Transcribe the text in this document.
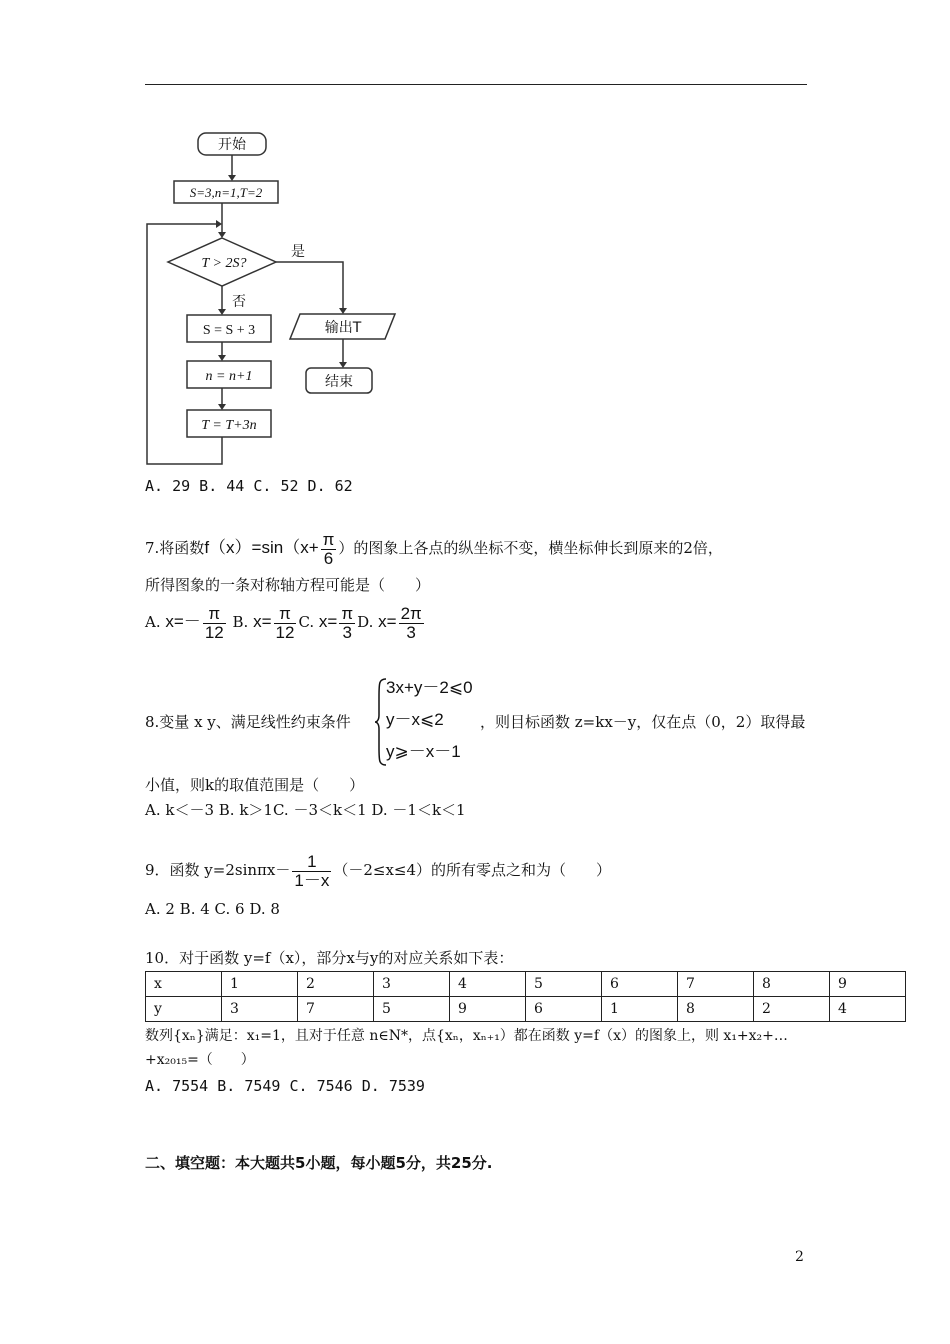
开始
S=3,n=1,T=2
T > 2S?
是
否
S = S + 3
n = n+1
T = T+3n
输出T
结束
A. 29 B. 44 C. 52 D. 62
7.将函数$f(x)=\sin(x+ \frac{\pi}{6}$ ）的图象上各点的纵坐标不变，横坐标伸长到原来的2倍，
所得图象的一条对称轴方程可能是（　　）
A. $x=- \frac{\pi}{12} B$. $x= \frac{\pi}{12} C$. $x= \frac{\pi}{3} D$. $x= \frac{2\pi}{3}$
8.变量 x y、满足线性约束条件
3x+y－2⩽0
y－x⩽2
y⩾－x－1
，则目标函数 z=kx－y，仅在点（0，2）取得最
小值，则k的取值范围是（　　）
A. k＜－3 B. k＞1C. －3＜k＜1 D. －1＜k＜1
9．函数 $y=2\sin\pi x- \frac{1}{1-x} (-2\le x\le 4)$的所有零点之和为（　　）
A. 2 B. 4 C. 6 D. 8
10．对于函数 y=f（x），部分x与y的对应关系如下表：
x	1	2	3	4	5	6	7	8	9
y	3	7	5	9	6	1	8	2	4
数列{xₙ}满足：x₁=1，且对于任意 n∈N*，点{xₙ，xₙ₊₁）都在函数 y=f（x）的图象上，则 x₁+x₂+…
+x₂₀₁₅=（　　）
A. 7554 B. 7549 C. 7546 D. 7539
二、填空题：本大题共5小题，每小题5分，共25分.
2
